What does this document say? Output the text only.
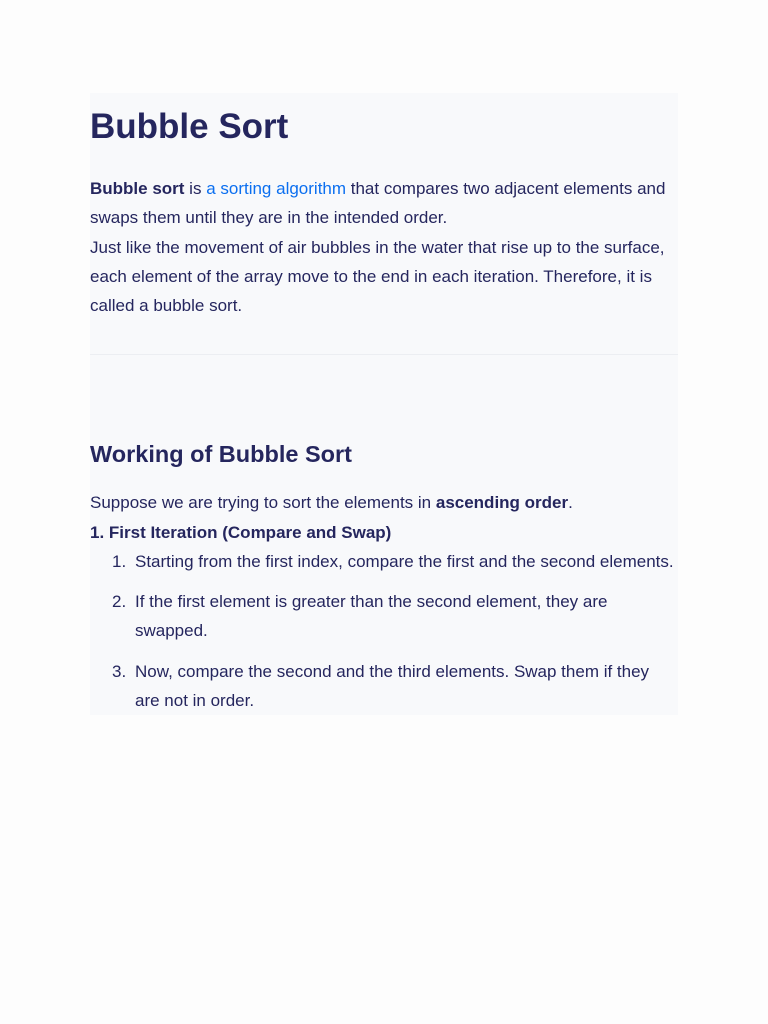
Bubble Sort

Bubble sort is a sorting algorithm that compares two adjacent elements and swaps them until they are in the intended order.

Just like the movement of air bubbles in the water that rise up to the surface, each element of the array move to the end in each iteration. Therefore, it is called a bubble sort.

Working of Bubble Sort

Suppose we are trying to sort the elements in ascending order.

1. First Iteration (Compare and Swap)
1. Starting from the first index, compare the first and the second elements.
2. If the first element is greater than the second element, they are swapped.
3. Now, compare the second and the third elements. Swap them if they are not in order.
